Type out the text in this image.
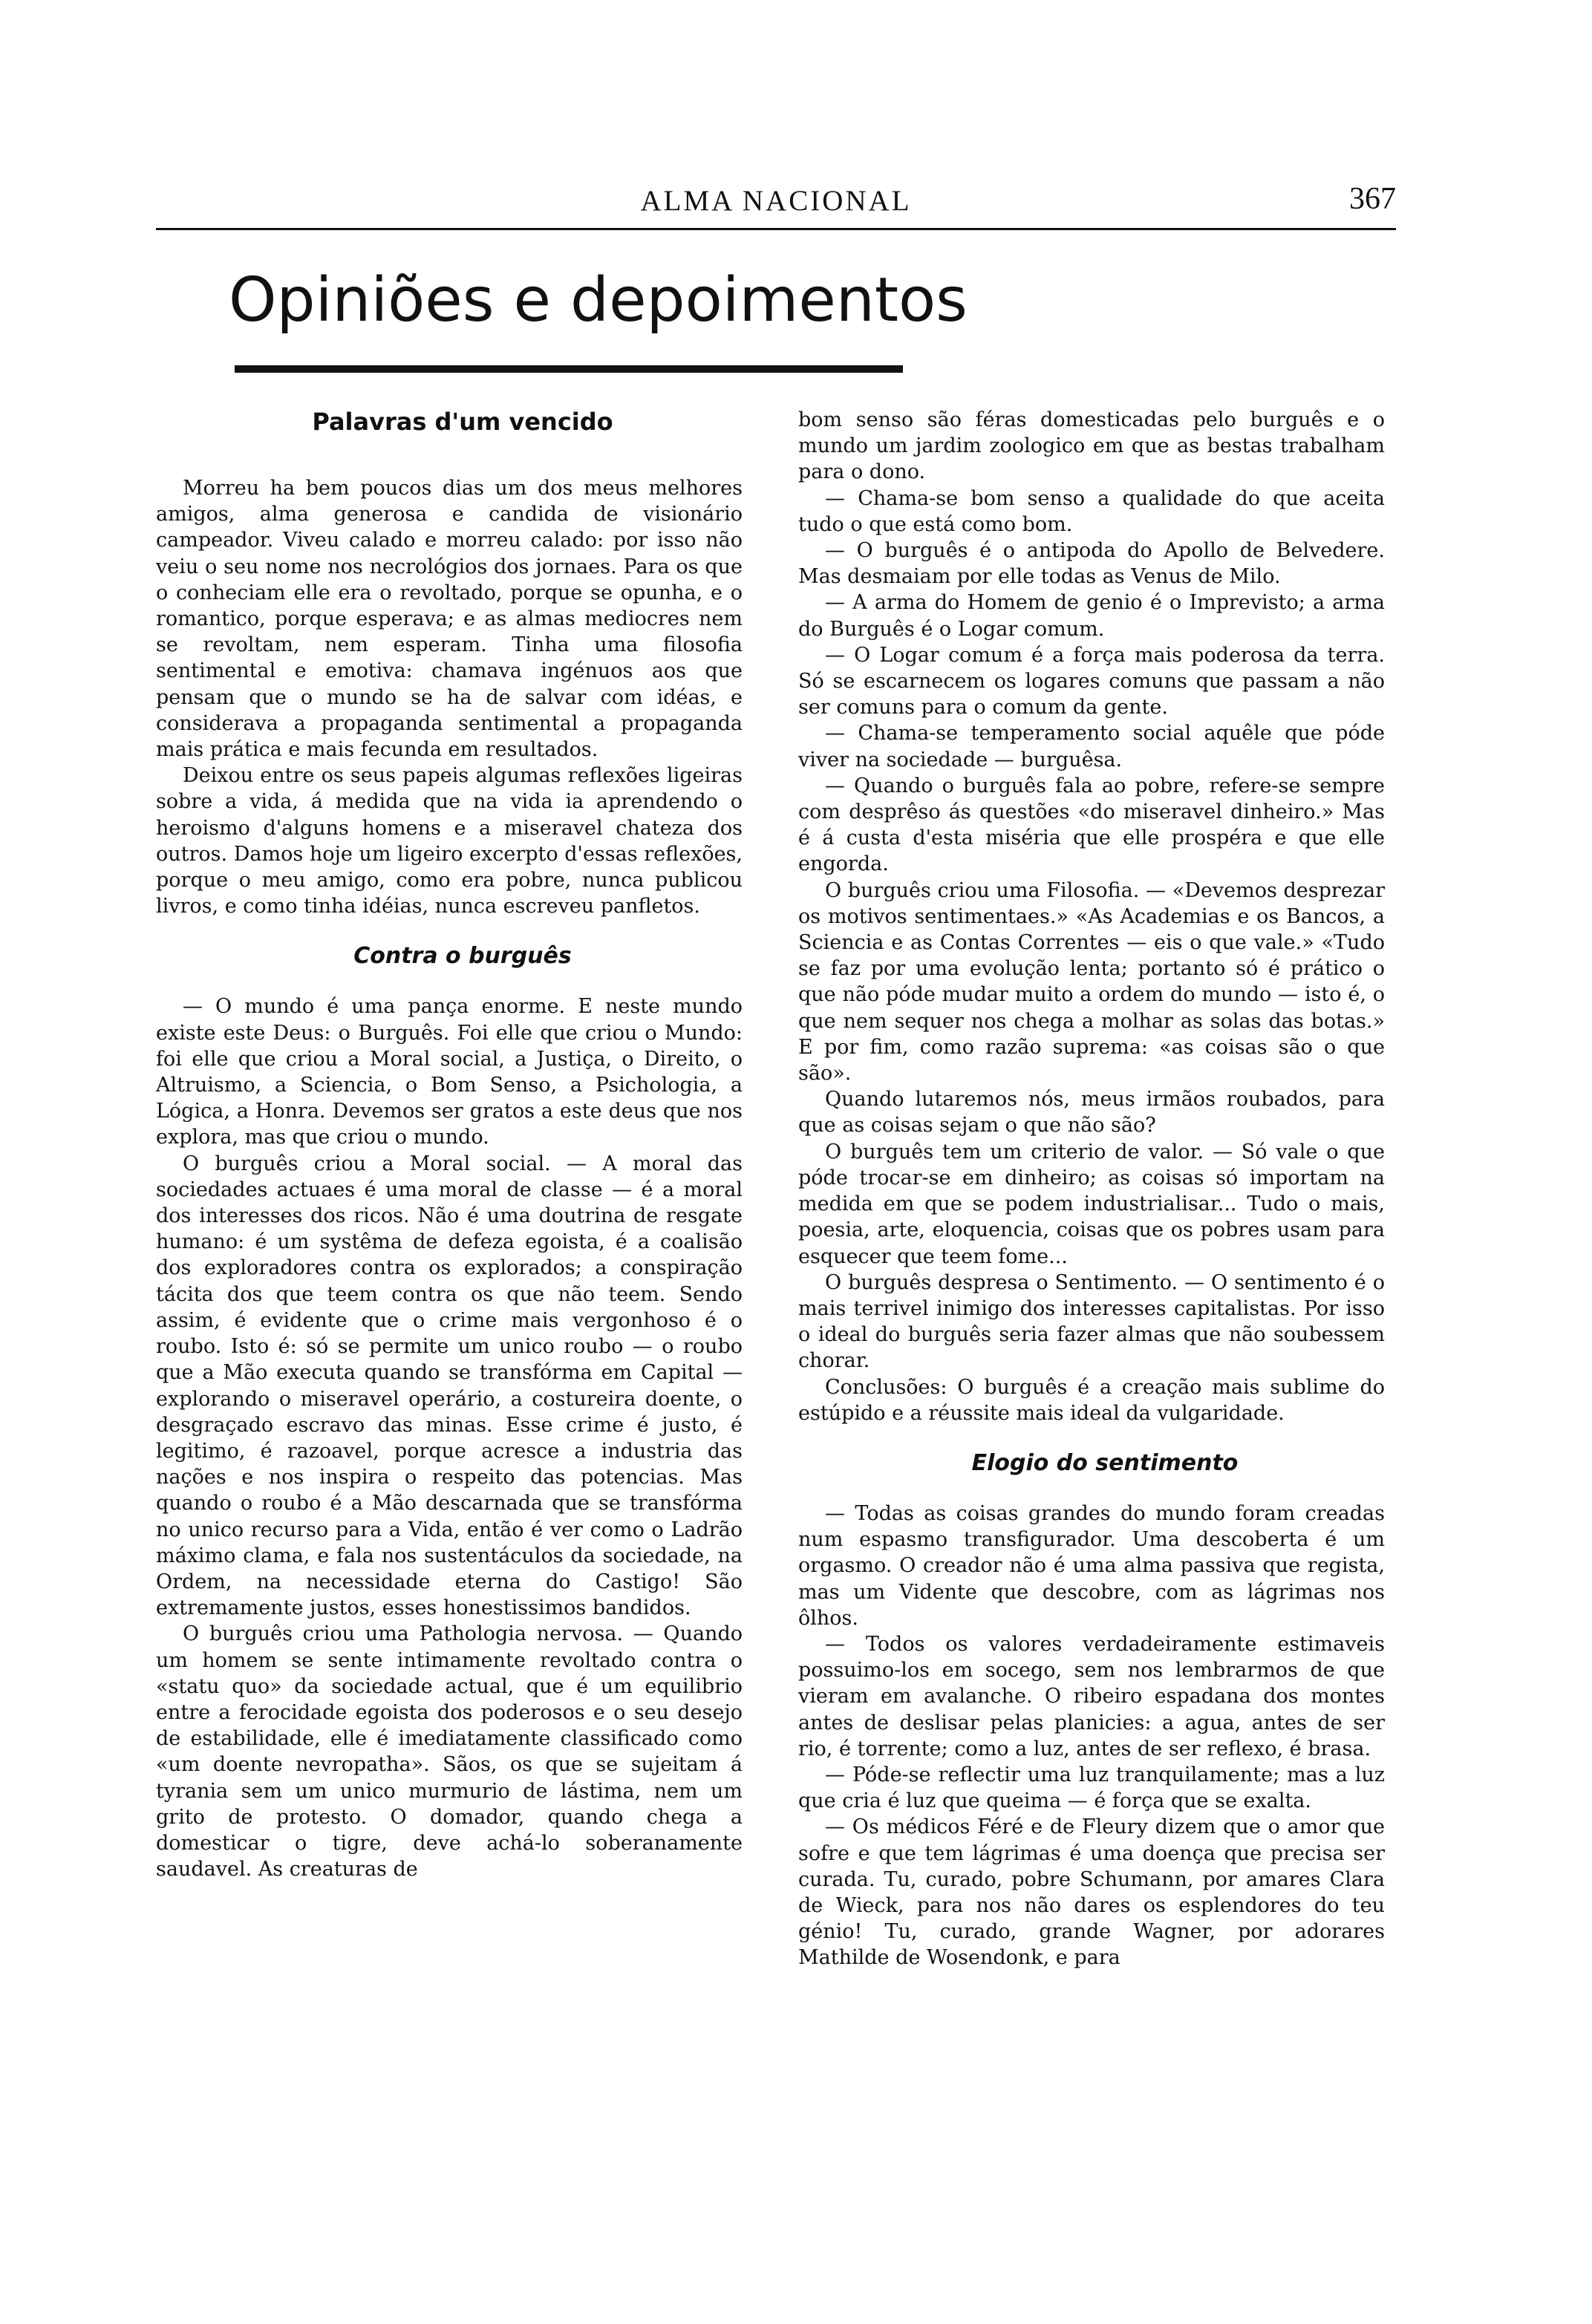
ALMA NACIONAL	367
Opiniões e depoimentos

Palavras d'um vencido

Morreu ha bem poucos dias um dos meus melhores amigos, alma generosa e candida de visionário campeador. Viveu calado e morreu calado: por isso não veiu o seu nome nos necrológios dos jornaes. Para os que o conheciam elle era o revoltado, porque se opunha, e o romantico, porque esperava; e as almas mediocres nem se revoltam, nem esperam. Tinha uma filosofia sentimental e emotiva: chamava ingénuos aos que pensam que o mundo se ha de salvar com idéas, e considerava a propaganda sentimental a propaganda mais prática e mais fecunda em resultados.

Deixou entre os seus papeis algumas reflexões ligeiras sobre a vida, á medida que na vida ia aprendendo o heroismo d'alguns homens e a miseravel chateza dos outros. Damos hoje um ligeiro excerpto d'essas reflexões, porque o meu amigo, como era pobre, nunca publicou livros, e como tinha idéias, nunca escreveu panfletos.

Contra o burguês

— O mundo é uma pança enorme. E neste mundo existe este Deus: o Burguês. Foi elle que criou o Mundo: foi elle que criou a Moral social, a Justiça, o Direito, o Altruismo, a Sciencia, o Bom Senso, a Psichologia, a Lógica, a Honra. Devemos ser gratos a este deus que nos explora, mas que criou o mundo.

O burguês criou a Moral social. — A moral das sociedades actuaes é uma moral de classe — é a moral dos interesses dos ricos. Não é uma doutrina de resgate humano: é um systêma de defeza egoista, é a coalisão dos exploradores contra os explorados; a conspiração tácita dos que teem contra os que não teem. Sendo assim, é evidente que o crime mais vergonhoso é o roubo. Isto é: só se permite um unico roubo — o roubo que a Mão executa quando se transfórma em Capital — explorando o miseravel operário, a costureira doente, o desgraçado escravo das minas. Esse crime é justo, é legitimo, é razoavel, porque acresce a industria das nações e nos inspira o respeito das potencias. Mas quando o roubo é a Mão descarnada que se transfórma no unico recurso para a Vida, então é ver como o Ladrão máximo clama, e fala nos sustentáculos da sociedade, na Ordem, na necessidade eterna do Castigo! São extremamente justos, esses honestissimos bandidos.

O burguês criou uma Pathologia nervosa. — Quando um homem se sente intimamente revoltado contra o «statu quo» da sociedade actual, que é um equilibrio entre a ferocidade egoista dos poderosos e o seu desejo de estabilidade, elle é imediatamente classificado como «um doente nevropatha». Sãos, os que se sujeitam á tyrania sem um unico murmurio de lástima, nem um grito de protesto. O domador, quando chega a domesticar o tigre, deve achá-lo soberanamente saudavel. As creaturas de

bom senso são féras domesticadas pelo burguês e o mundo um jardim zoologico em que as bestas trabalham para o dono.

— Chama-se bom senso a qualidade do que aceita tudo o que está como bom.

— O burguês é o antipoda do Apollo de Belvedere. Mas desmaiam por elle todas as Venus de Milo.

— A arma do Homem de genio é o Imprevisto; a arma do Burguês é o Logar comum.

— O Logar comum é a força mais poderosa da terra. Só se escarnecem os logares comuns que passam a não ser comuns para o comum da gente.

— Chama-se temperamento social aquêle que póde viver na sociedade — burguêsa.

— Quando o burguês fala ao pobre, refere-se sempre com desprêso ás questões «do miseravel dinheiro.» Mas é á custa d'esta miséria que elle prospéra e que elle engorda.

O burguês criou uma Filosofia. — «Devemos desprezar os motivos sentimentaes.» «As Academias e os Bancos, a Sciencia e as Contas Correntes — eis o que vale.» «Tudo se faz por uma evolução lenta; portanto só é prático o que não póde mudar muito a ordem do mundo — isto é, o que nem sequer nos chega a molhar as solas das botas.» E por fim, como razão suprema: «as coisas são o que são».

Quando lutaremos nós, meus irmãos roubados, para que as coisas sejam o que não são?

O burguês tem um criterio de valor. — Só vale o que póde trocar-se em dinheiro; as coisas só importam na medida em que se podem industrialisar... Tudo o mais, poesia, arte, eloquencia, coisas que os pobres usam para esquecer que teem fome...

O burguês despresa o Sentimento. — O sentimento é o mais terrivel inimigo dos interesses capitalistas. Por isso o ideal do burguês seria fazer almas que não soubessem chorar.

Conclusões: O burguês é a creação mais sublime do estúpido e a réussite mais ideal da vulgaridade.

Elogio do sentimento

— Todas as coisas grandes do mundo foram creadas num espasmo transfigurador. Uma descoberta é um orgasmo. O creador não é uma alma passiva que regista, mas um Vidente que descobre, com as lágrimas nos ôlhos.

— Todos os valores verdadeiramente estimaveis possuimo-los em socego, sem nos lembrarmos de que vieram em avalanche. O ribeiro espadana dos montes antes de deslisar pelas planicies: a agua, antes de ser rio, é torrente; como a luz, antes de ser reflexo, é brasa.

— Póde-se reflectir uma luz tranquilamente; mas a luz que cria é luz que queima — é força que se exalta.

— Os médicos Féré e de Fleury dizem que o amor que sofre e que tem lágrimas é uma doença que precisa ser curada. Tu, curado, pobre Schumann, por amares Clara de Wieck, para nos não dares os esplendores do teu génio! Tu, curado, grande Wagner, por adorares Mathilde de Wosendonk, e para
